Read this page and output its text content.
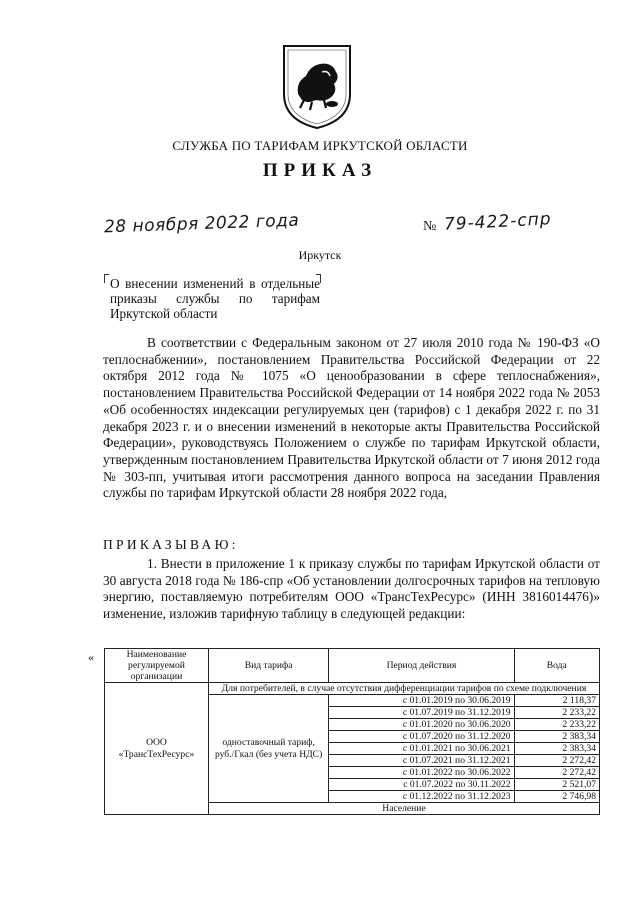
СЛУЖБА ПО ТАРИФАМ ИРКУТСКОЙ ОБЛАСТИ
ПРИКАЗ
28 ноября 2022 года	№ 79-422-спр
Иркутск
О внесении изменений в отдельные приказы службы по тарифам Иркутской области

В соответствии с Федеральным законом от 27 июля 2010 года № 190-ФЗ «О теплоснабжении», постановлением Правительства Российской Федерации от 22 октября 2012 года № 1075 «О ценообразовании в сфере теплоснабжения», постановлением Правительства Российской Федерации от 14 ноября 2022 года № 2053 «Об особенностях индексации регулируемых цен (тарифов) с 1 декабря 2022 г. по 31 декабря 2023 г. и о внесении изменений в некоторые акты Правительства Российской Федерации», руководствуясь Положением о службе по тарифам Иркутской области, утвержденным постановлением Правительства Иркутской области от 7 июня 2012 года № 303-пп, учитывая итоги рассмотрения данного вопроса на заседании Правления службы по тарифам Иркутской области 28 ноября 2022 года,

ПРИКАЗЫВАЮ:

1. Внести в приложение 1 к приказу службы по тарифам Иркутской области от 30 августа 2018 года № 186-спр «Об установлении долгосрочных тарифов на тепловую энергию, поставляемую потребителям ООО «ТрансТехРесурс» (ИНН 3816014476)» изменение, изложив тарифную таблицу в следующей редакции:

«	Наименование регулируемой организации	Вид тарифа	Период действия	Вода
ООО «ТрансТехРесурс»	Для потребителей, в случае отсутствия дифференциации тарифов по схеме подключения		
	одноставочный тариф, руб./Гкал (без учета НДС)	с 01.01.2019 по 30.06.2019	2 118,37
		с 01.07.2019 по 31.12.2019	2 233,22
		с 01.01.2020 по 30.06.2020	2 233,22
		с 01.07.2020 по 31.12.2020	2 383,34
		с 01.01.2021 по 30.06.2021	2 383,34
		с 01.07.2021 по 31.12.2021	2 272,42
		с 01.01.2022 по 30.06.2022	2 272,42
		с 01.07.2022 по 30.11.2022	2 521,07
		с 01.12.2022 по 31.12.2023	2 746,98
	Население		
